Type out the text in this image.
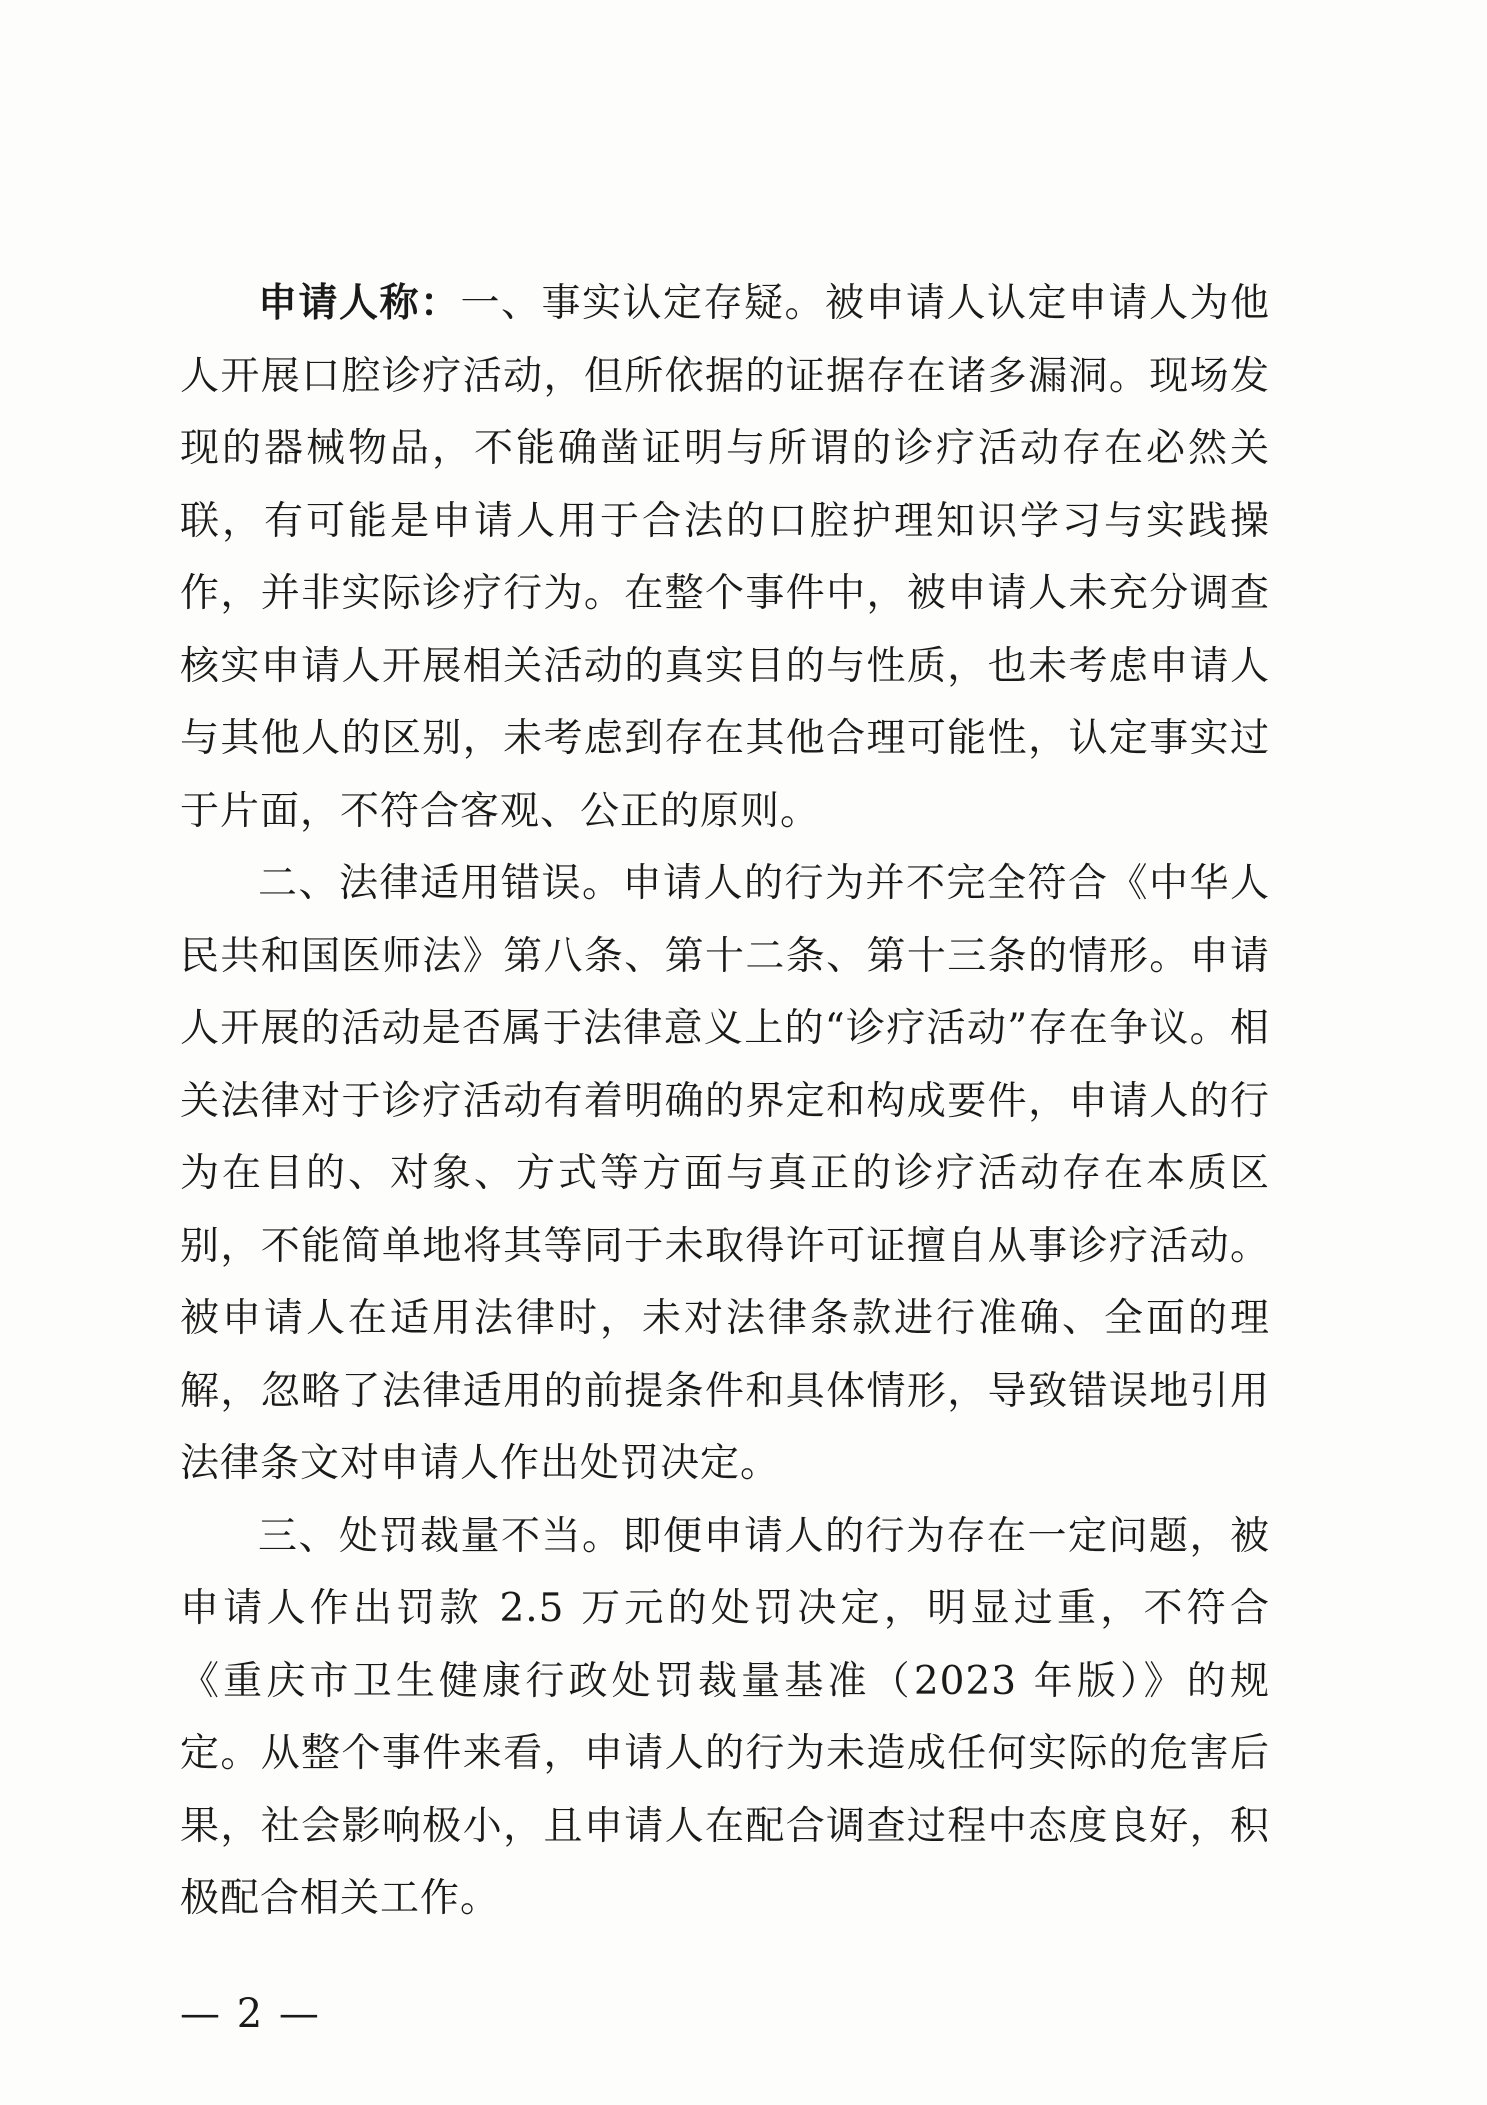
申请人称：一、事实认定存疑。被申请人认定申请人为他人开展口腔诊疗活动，但所依据的证据存在诸多漏洞。现场发现的器械物品，不能确凿证明与所谓的诊疗活动存在必然关联，有可能是申请人用于合法的口腔护理知识学习与实践操作，并非实际诊疗行为。在整个事件中，被申请人未充分调查核实申请人开展相关活动的真实目的与性质，也未考虑申请人与其他人的区别，未考虑到存在其他合理可能性，认定事实过于片面，不符合客观、公正的原则。

二、法律适用错误。申请人的行为并不完全符合《中华人民共和国医师法》第八条、第十二条、第十三条的情形。申请人开展的活动是否属于法律意义上的“诊疗活动”存在争议。相关法律对于诊疗活动有着明确的界定和构成要件，申请人的行为在目的、对象、方式等方面与真正的诊疗活动存在本质区别，不能简单地将其等同于未取得许可证擅自从事诊疗活动。被申请人在适用法律时，未对法律条款进行准确、全面的理解，忽略了法律适用的前提条件和具体情形，导致错误地引用法律条文对申请人作出处罚决定。

三、处罚裁量不当。即便申请人的行为存在一定问题，被申请人作出罚款 2.5 万元的处罚决定，明显过重，不符合《重庆市卫生健康行政处罚裁量基准（2023 年版）》的规定。从整个事件来看，申请人的行为未造成任何实际的危害后果，社会影响极小，且申请人在配合调查过程中态度良好，积极配合相关工作。

— 2 —
